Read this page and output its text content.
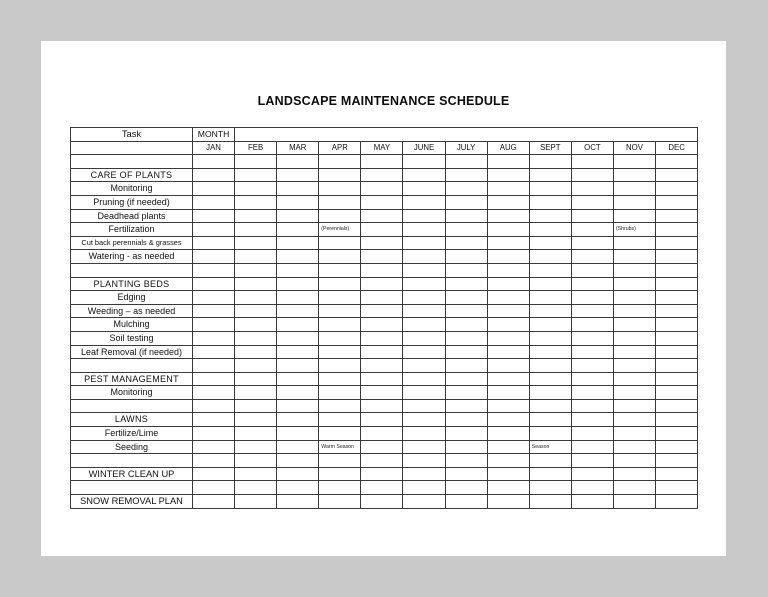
LANDSCAPE MAINTENANCE SCHEDULE
Task	MONTH											
	JAN	FEB	MAR	APR	MAY	JUNE	JULY	AUG	SEPT	OCT	NOV	DEC

CARE OF PLANTS												
Monitoring												
Pruning (if needed)												
Deadhead plants												
Fertilization				(Perennials)							(Shrubs)	

Cut back perennials & grasses												
Watering - as needed												

PLANTING BEDS												
Edging												
Weeding – as needed												
Mulching												
Soil testing												
Leaf Removal (if needed)												

PEST MANAGEMENT												
Monitoring												

LAWNS												
Fertilize/Lime												
Seeding				Warm Season					Season			

WINTER CLEAN UP												

SNOW REMOVAL PLAN												
